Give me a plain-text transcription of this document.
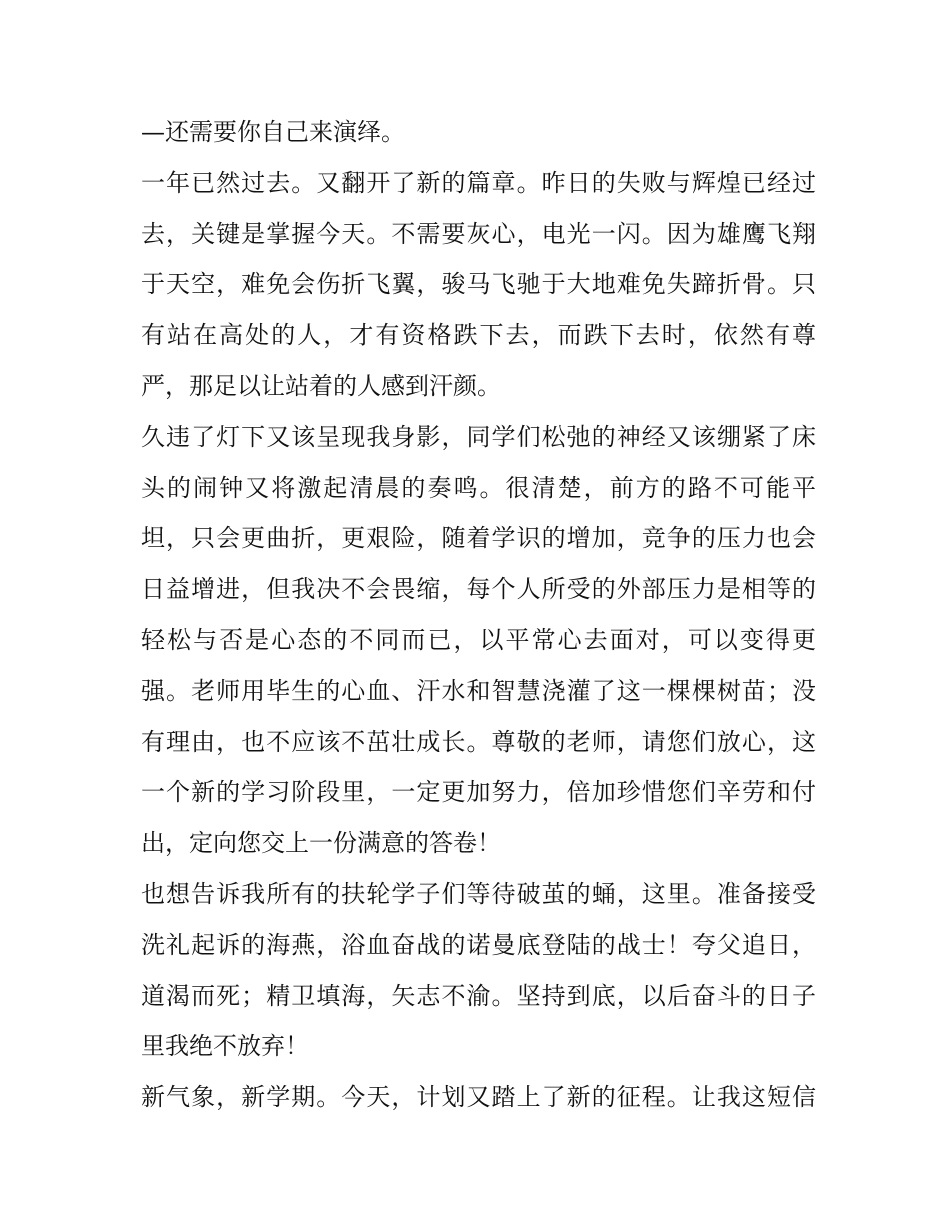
—还需要你自己来演绎。
一年已然过去。又翻开了新的篇章。昨日的失败与辉煌已经过
去，关键是掌握今天。不需要灰心，电光一闪。因为雄鹰飞翔
于天空，难免会伤折飞翼，骏马飞驰于大地难免失蹄折骨。只
有站在高处的人，才有资格跌下去，而跌下去时，依然有尊
严，那足以让站着的人感到汗颜。
久违了灯下又该呈现我身影，同学们松弛的神经又该绷紧了床
头的闹钟又将激起清晨的奏鸣。很清楚，前方的路不可能平
坦，只会更曲折，更艰险，随着学识的增加，竞争的压力也会
日益增进，但我决不会畏缩，每个人所受的外部压力是相等的
轻松与否是心态的不同而已，以平常心去面对，可以变得更
强。老师用毕生的心血、汗水和智慧浇灌了这一棵棵树苗；没
有理由，也不应该不茁壮成长。尊敬的老师，请您们放心，这
一个新的学习阶段里，一定更加努力，倍加珍惜您们辛劳和付
出，定向您交上一份满意的答卷！
也想告诉我所有的扶轮学子们等待破茧的蛹，这里。准备接受
洗礼起诉的海燕，浴血奋战的诺曼底登陆的战士！夸父追日，
道渴而死；精卫填海，矢志不渝。坚持到底，以后奋斗的日子
里我绝不放弃！
新气象，新学期。今天，计划又踏上了新的征程。让我这短信
